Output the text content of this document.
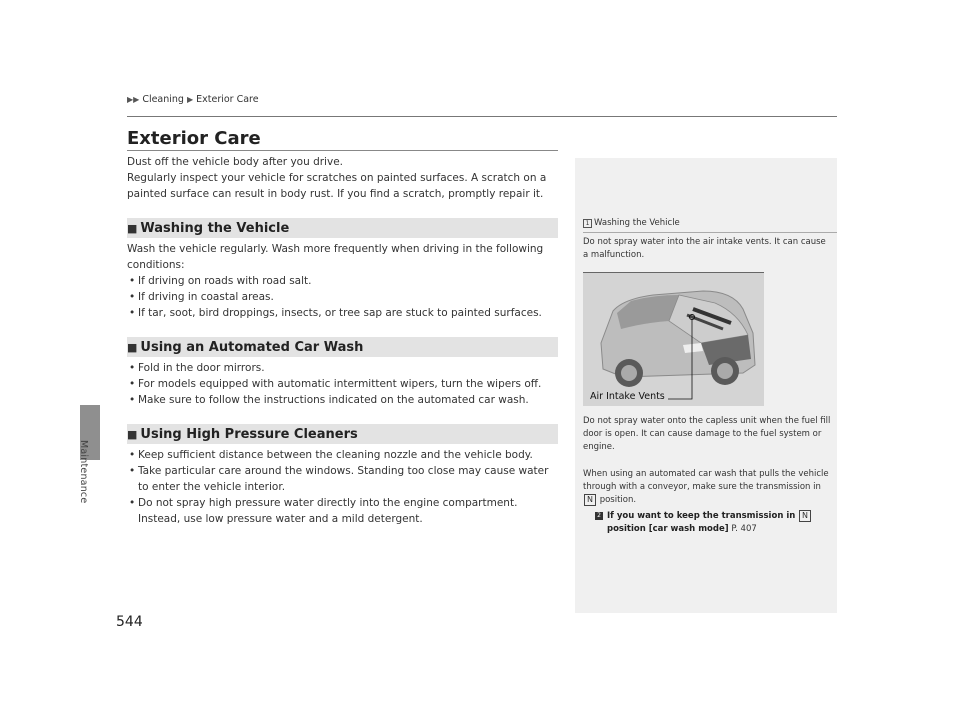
Maintenance
544
▶▶ Cleaning ▶ Exterior Care
Exterior Care

Dust off the vehicle body after you drive.

Regularly inspect your vehicle for scratches on painted surfaces. A scratch on a painted surface can result in body rust. If you find a scratch, promptly repair it.

■ Washing the Vehicle

Wash the vehicle regularly. Wash more frequently when driving in the following conditions:

• If driving on roads with road salt.
• If driving in coastal areas.
• If tar, soot, bird droppings, insects, or tree sap are stuck to painted surfaces.
■ Using an Automated Car Wash
• Fold in the door mirrors.
• For models equipped with automatic intermittent wipers, turn the wipers off.
• Make sure to follow the instructions indicated on the automated car wash.
■ Using High Pressure Cleaners
• Keep sufficient distance between the cleaning nozzle and the vehicle body.
• Take particular care around the windows. Standing too close may cause water to enter the vehicle interior.
• Do not spray high pressure water directly into the engine compartment. Instead, use low pressure water and a mild detergent.
1 Washing the Vehicle

Do not spray water into the air intake vents. It can cause a malfunction.

Air Intake Vents

Do not spray water onto the capless unit when the fuel fill door is open. It can cause damage to the fuel system or engine.

When using an automated car wash that pulls the vehicle through with a conveyor, make sure the transmission in N position.

2 If you want to keep the transmission in N
position [car wash mode] P. 407
